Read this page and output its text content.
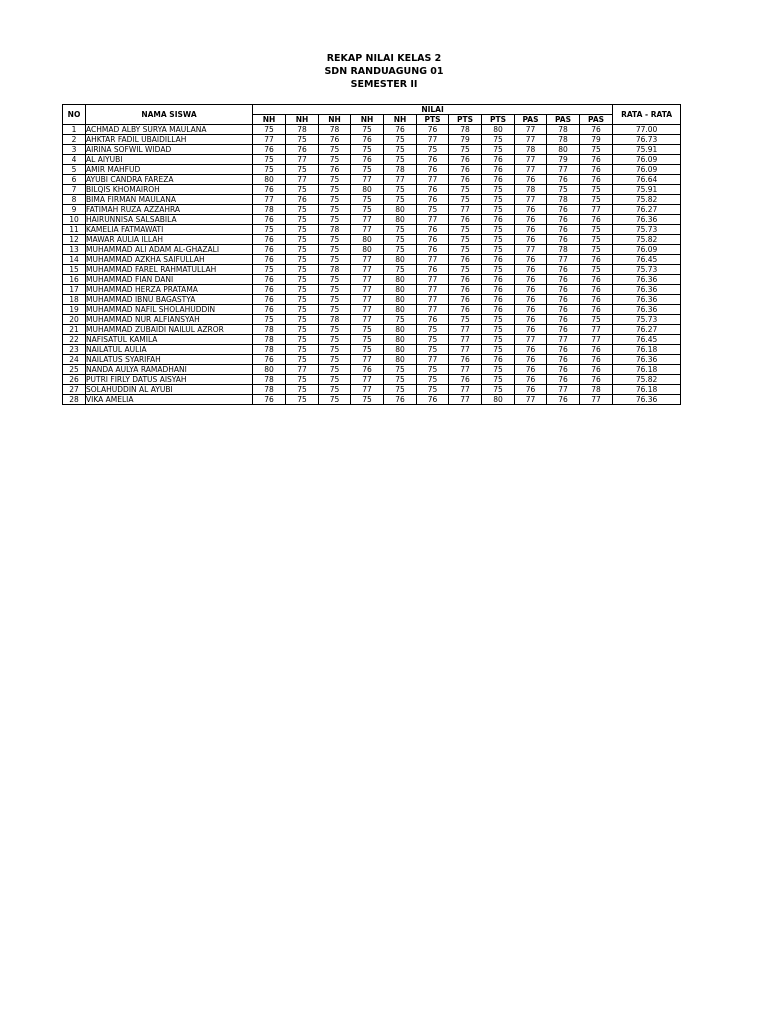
REKAP NILAI KELAS 2
SDN RANDUAGUNG 01
SEMESTER II
NO	NAMA SISWA	NILAI											RATA - RATA
		NH	NH	NH	NH	NH	PTS	PTS	PTS	PAS	PAS	PAS	
1	ACHMAD ALBY SURYA MAULANA	75	78	78	75	76	76	78	80	77	78	76	77.00
2	AHKTAR FADIL UBAIDILLAH	77	75	76	76	75	77	79	75	77	78	79	76.73
3	AIRINA SOFWIL WIDAD	76	76	75	75	75	75	75	75	78	80	75	75.91
4	AL AIYUBI	75	77	75	76	75	76	76	76	77	79	76	76.09
5	AMIR MAHFUD	75	75	76	75	78	76	76	76	77	77	76	76.09
6	AYUBI CANDRA FAREZA	80	77	75	77	77	77	76	76	76	76	76	76.64
7	BILQIS KHOMAIROH	76	75	75	80	75	76	75	75	78	75	75	75.91
8	BIMA FIRMAN MAULANA	77	76	75	75	75	76	75	75	77	78	75	75.82
9	FATIMAH RUZA AZZAHRA	78	75	75	75	80	75	77	75	76	76	77	76.27
10	HAIRUNNISA SALSABILA	76	75	75	77	80	77	76	76	76	76	76	76.36
11	KAMELIA FATMAWATI	75	75	78	77	75	76	75	75	76	76	75	75.73
12	MAWAR AULIA ILLAH	76	75	75	80	75	76	75	75	76	76	75	75.82
13	MUHAMMAD ALI ADAM AL-GHAZALI	76	75	75	80	75	76	75	75	77	78	75	76.09
14	MUHAMMAD AZKHA SAIFULLAH	76	75	75	77	80	77	76	76	76	77	76	76.45
15	MUHAMMAD FAREL RAHMATULLAH	75	75	78	77	75	76	75	75	76	76	75	75.73
16	MUHAMMAD FIAN DANI	76	75	75	77	80	77	76	76	76	76	76	76.36
17	MUHAMMAD HERZA PRATAMA	76	75	75	77	80	77	76	76	76	76	76	76.36
18	MUHAMMAD IBNU BAGASTYA	76	75	75	77	80	77	76	76	76	76	76	76.36
19	MUHAMMAD NAFIL SHOLAHUDDIN	76	75	75	77	80	77	76	76	76	76	76	76.36
20	MUHAMMAD NUR ALFIANSYAH	75	75	78	77	75	76	75	75	76	76	75	75.73
21	MUHAMMAD ZUBAIDI NAILUL AZROR	78	75	75	75	80	75	77	75	76	76	77	76.27
22	NAFISATUL KAMILA	78	75	75	75	80	75	77	75	77	77	77	76.45
23	NAILATUL AULIA	78	75	75	75	80	75	77	75	76	76	76	76.18
24	NAILATUS SYARIFAH	76	75	75	77	80	77	76	76	76	76	76	76.36
25	NANDA AULYA RAMADHANI	80	77	75	76	75	75	77	75	76	76	76	76.18
26	PUTRI FIRLY DATUS AISYAH	78	75	75	77	75	75	76	75	76	76	76	75.82
27	SOLAHUDDIN AL AYUBI	78	75	75	77	75	75	77	75	76	77	78	76.18
28	VIKA AMELIA	76	75	75	75	76	76	77	80	77	76	77	76.36
